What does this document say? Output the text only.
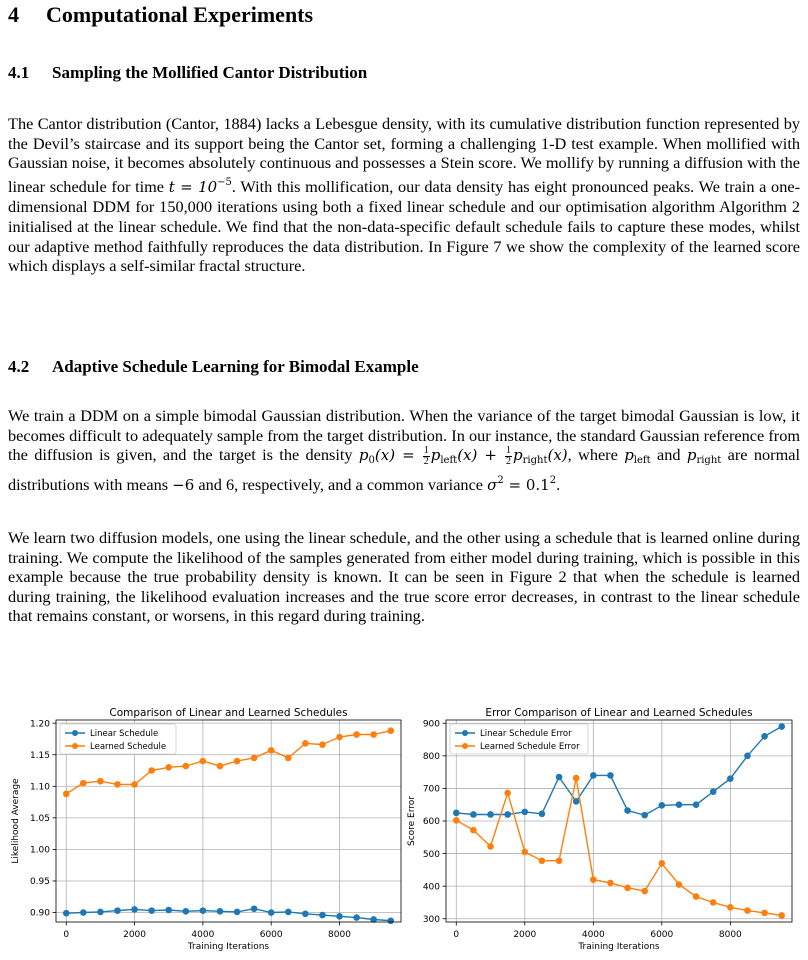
4 Computational Experiments
4.1 Sampling the Mollified Cantor Distribution

The Cantor distribution (Cantor, 1884) lacks a Lebesgue density, with its cumulative distribution function represented by the Devil’s staircase and its support being the Cantor set, forming a challenging 1-D test example. When mollified with Gaussian noise, it becomes absolutely continuous and possesses a Stein score. We mollify by running a diffusion with the linear schedule for time $t = 10^{-5}$. With this mollification, our data density has eight pronounced peaks. We train a one-dimensional DDM for 150,000 iterations using both a fixed linear schedule and our optimisation algorithm Algorithm 2 initialised at the linear schedule. We find that the non-data-specific default schedule fails to capture these modes, whilst our adaptive method faithfully reproduces the data distribution. In Figure 7 we show the complexity of the learned score which displays a self-similar fractal structure.

4.2 Adaptive Schedule Learning for Bimodal Example

We train a DDM on a simple bimodal Gaussian distribution. When the variance of the target bimodal Gaussian is low, it becomes difficult to adequately sample from the target distribution. In our instance, the standard Gaussian reference from the diffusion is given, and the target is the density $p_0(x) = \frac{1}{2} p_{left}(x) + \frac{1}{2} p_{right}(x)$, where $p_{left}$ and $p_{right}$ are normal distributions with means −6 and 6, respectively, and a common variance $\sigma^2 = 0.1^2$.

We learn two diffusion models, one using the linear schedule, and the other using a schedule that is learned online during training. We compute the likelihood of the samples generated from either model during training, which is possible in this example because the true probability density is known. It can be seen in Figure 2 that when the schedule is learned during training, the likelihood evaluation increases and the true score error decreases, in contrast to the linear schedule that remains constant, or worsens, in this regard during training.

0	2000	4000	6000	8000
0.90
0.95
1.00
1.05
1.10
1.15
1.20
Comparison of Linear and Learned Schedules
Training Iterations
Likelihood Average
Linear Schedule
Learned Schedule
0	2000	4000	6000	8000
300
400
500
600
700
800
900
Error Comparison of Linear and Learned Schedules
Training Iterations
Score Error
Linear Schedule Error
Learned Schedule Error
